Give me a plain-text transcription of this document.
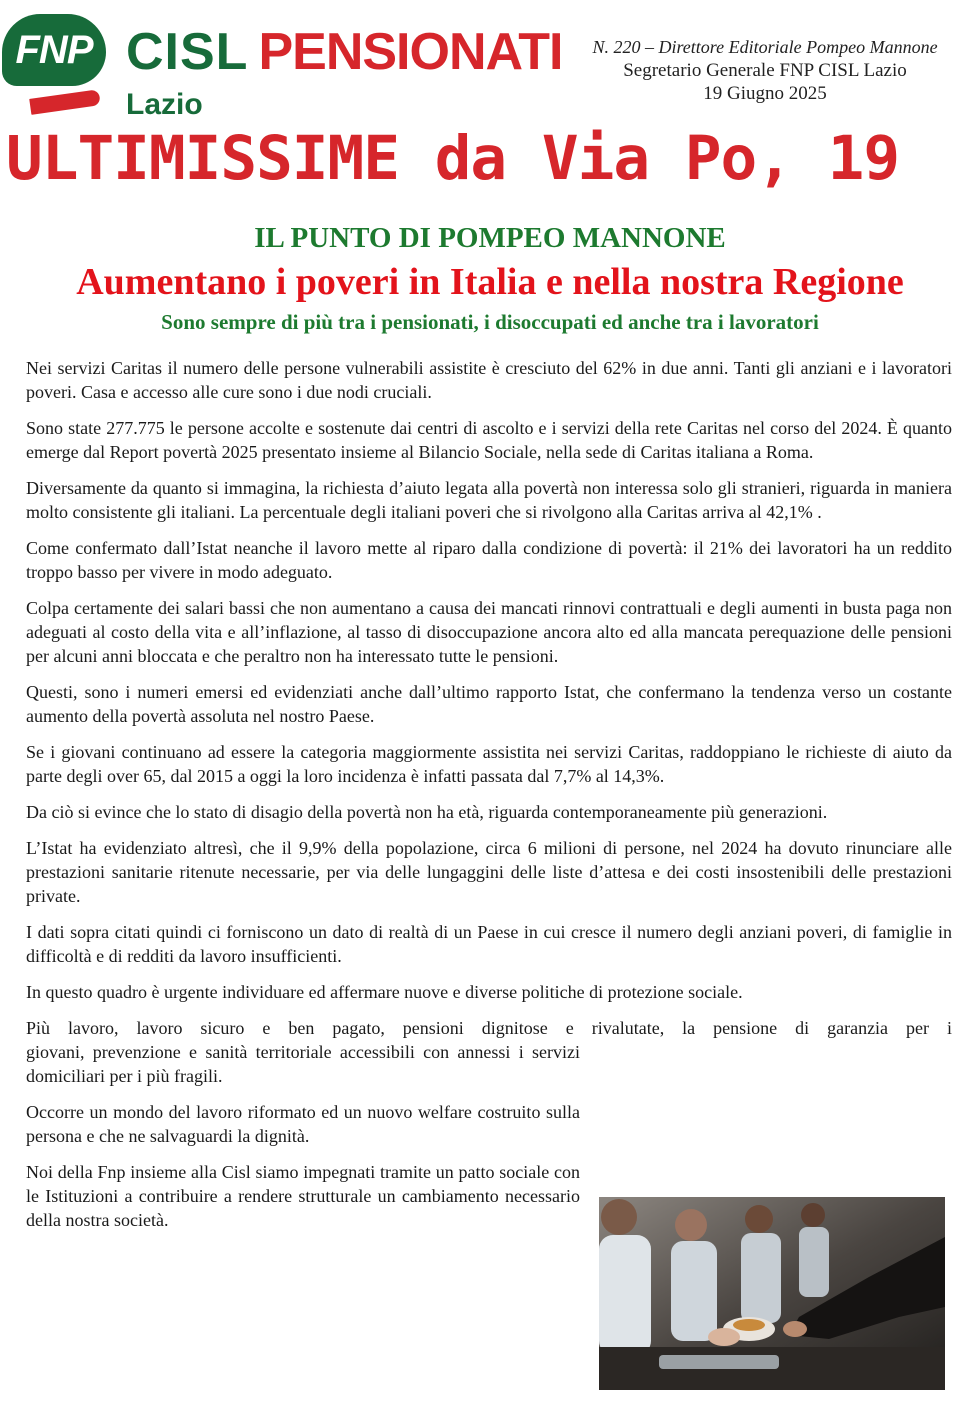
FNP CISL PENSIONATI
Lazio
N. 220 – Direttore Editoriale Pompeo Mannone
Segretario Generale FNP CISL Lazio
19 Giugno 2025
ULTIMISSIME da Via Po, 19
IL PUNTO DI POMPEO MANNONE
Aumentano i poveri in Italia e nella nostra Regione
Sono sempre di più tra i pensionati, i disoccupati ed anche tra i lavoratori

Nei servizi Caritas il numero delle persone vulnerabili assistite è cresciuto del 62% in due anni. Tanti gli anziani e i lavoratori poveri. Casa e accesso alle cure sono i due nodi cruciali.

Sono state 277.775 le persone accolte e sostenute dai centri di ascolto e i servizi della rete Caritas nel corso del 2024. È quanto emerge dal Report povertà 2025 presentato insieme al Bilancio Sociale, nella sede di Caritas italiana a Roma.

Diversamente da quanto si immagina, la richiesta d’aiuto legata alla povertà non interessa solo gli stranieri, riguarda in maniera molto consistente gli italiani. La percentuale degli italiani poveri che si rivolgono alla Caritas arriva al 42,1% .

Come confermato dall’Istat neanche il lavoro mette al riparo dalla condizione di povertà: il 21% dei lavoratori ha un reddito troppo basso per vivere in modo adeguato.

Colpa certamente dei salari bassi che non aumentano a causa dei mancati rinnovi contrattuali e degli aumenti in busta paga non adeguati al costo della vita e all’inflazione, al tasso di disoccupazione ancora alto ed alla mancata perequazione delle pensioni per alcuni anni bloccata e che peraltro non ha interessato tutte le pensioni.

Questi, sono i numeri emersi ed evidenziati anche dall’ultimo rapporto Istat, che confermano la tendenza verso un costante aumento della povertà assoluta nel nostro Paese.

Se i giovani continuano ad essere la categoria maggiormente assistita nei servizi Caritas, raddoppiano le richieste di aiuto da parte degli over 65, dal 2015 a oggi la loro incidenza è infatti passata dal 7,7% al 14,3%.

Da ciò si evince che lo stato di disagio della povertà non ha età, riguarda contemporaneamente più generazioni.

L’Istat ha evidenziato altresì, che il 9,9% della popolazione, circa 6 milioni di persone, nel 2024 ha dovuto rinunciare alle prestazioni sanitarie ritenute necessarie, per via delle lungaggini delle liste d’attesa e dei costi insostenibili delle prestazioni private.

I dati sopra citati quindi ci forniscono un dato di realtà di un Paese in cui cresce il numero degli anziani poveri, di famiglie in difficoltà e di redditi da lavoro insufficienti.

In questo quadro è urgente individuare ed affermare nuove e diverse politiche di protezione sociale.

Più lavoro, lavoro sicuro e ben pagato, pensioni dignitose e rivalutate, la pensione di garanzia per i
giovani, prevenzione e sanità territoriale accessibili con annessi i servizi domiciliari per i più fragili.

Occorre un mondo del lavoro riformato ed un nuovo welfare costruito sulla persona e che ne salvaguardi la dignità.

Noi della Fnp insieme alla Cisl siamo impegnati tramite un patto sociale con le Istituzioni a contribuire a rendere strutturale un cambiamento necessario della nostra società.
